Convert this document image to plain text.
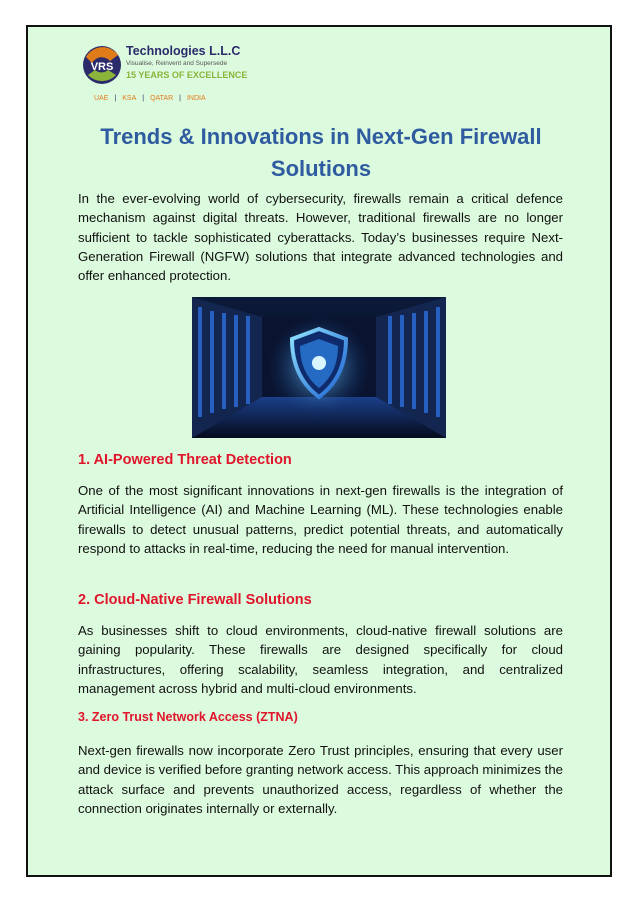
VRS
Technologies L.L.C
Visualise, Reinvent and Supersede
15 YEARS OF EXCELLENCE
UAE | KSA | QATAR | INDIA
Trends & Innovations in Next-Gen Firewall Solutions

In the ever-evolving world of cybersecurity, firewalls remain a critical defence mechanism against digital threats. However, traditional firewalls are no longer sufficient to tackle sophisticated cyberattacks. Today’s businesses require Next-Generation Firewall (NGFW) solutions that integrate advanced technologies and offer enhanced protection.

1. AI-Powered Threat Detection

One of the most significant innovations in next-gen firewalls is the integration of Artificial Intelligence (AI) and Machine Learning (ML). These technologies enable firewalls to detect unusual patterns, predict potential threats, and automatically respond to attacks in real-time, reducing the need for manual intervention.

2. Cloud-Native Firewall Solutions

As businesses shift to cloud environments, cloud-native firewall solutions are gaining popularity. These firewalls are designed specifically for cloud infrastructures, offering scalability, seamless integration, and centralized management across hybrid and multi-cloud environments.

3. Zero Trust Network Access (ZTNA)

Next-gen firewalls now incorporate Zero Trust principles, ensuring that every user and device is verified before granting network access. This approach minimizes the attack surface and prevents unauthorized access, regardless of whether the connection originates internally or externally.
